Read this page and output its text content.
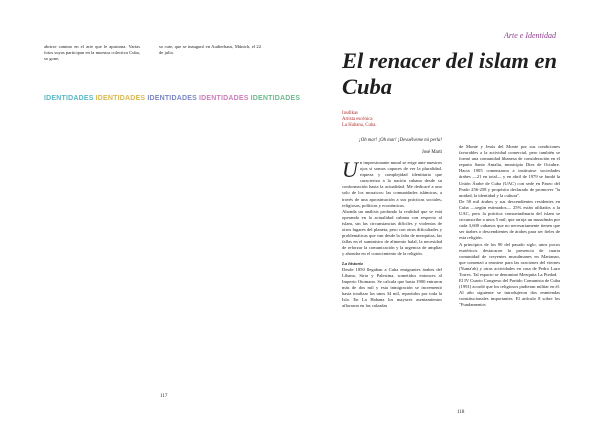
abrirse camino en el arte que le apasiona. Varias fotos suyas participan en la muestra colectiva Cuba, so gone,

so cute, que se inauguró en Audierhaus, Múnich, el 22 de julio.

IDENTIDADES IDENTIDADES IDENTIDADES IDENTIDADES IDENTIDADES
117
Arte e Identidad
El renacer del islam en Cuba
Insdlkas
Artista escénica
La Habana, Cuba.
¡Oh mar! ¡Oh mar! ¡Devuélveme mi perla!
José Martí

Un impresionante mural se erige ante nuestros ojos si somos capaces de ver la pluralidad, riqueza y complejidad identitaria que caracteriza a la nación cubana desde su conformación hasta la actualidad. Me dedicaré a uno solo de los mosaicos: las comunidades islámicas, a través de una aproximación a sus prácticas sociales, religiosas, políticas y económicas.

Ahonda un análisis profundo la realidad que se está operando en la actualidad cubana con respecto al islam, sin las circunstancias difíciles y violentas de otros lugares del planeta, pero con otras dificultades y problemáticas que van desde la falta de mezquitas, las fallas en el suministro de alimento halal, la necesidad de reforzar la comunicación y la urgencia de ampliar y ahondar en el conocimiento de la religión.

La historia

Desde 1850 llegaban a Cuba emigrantes árabes del Líbano, Siria y Palestina, sometidos entonces al Imperio Otomano. Se calcula que hasta 1900 entraron más de dos mil y esta inmigración se incrementó hasta totalizar los unos 34 mil, repartidos por toda la Isla. En La Habana los mayores asentamientos afloraron en las calzadas

de Monte y Jesús del Monte por sus condiciones favorables a la actividad comercial, pero también se formó una comunidad libanesa de consideración en el reparto Santo Amalia, municipio Diez de Octubre. Hacia 1905 comenzaron a instituirse sociedades árabes —21 en total— y en abril de 1979 se fundó la Unión Árabe de Cuba (UAC) con sede en Paseo del Prado 256-258 y propósito declarado de promover "la unidad, la identidad y la cultura".

De 50 mil árabes y sus descendientes residentes en Cuba —según estimados— 25% están afiliados a la UAC, pero la práctica consuetudinaria del islam se circunscribe a unos 5 mil, que arroja un musulmán por cada 3,600 cubanos que no necesariamente tienen que ser árabes o descendientes de árabes para ser fieles de esta religión.

A principios de los 90 del pasado siglo, unos pocos esotéricos destacaron la presencia de cuarta comunidad de creyentes musulmanes en Marianao, que comenzó a reunirse para las oraciones del viernes (Yuma'ah) y otras actividades en casa de Pedro Lazo Torres. Tal espacio se denominó Mezquita La Piedad.

El IV Cuarto Congreso del Partido Comunista de Cuba (1991) acordó que los religiosos pudieran militar en él. Al año siguiente se introdujeron dos enmiendas constitucionales importantes. El artículo 8 sobre los "Fundamentos

118
